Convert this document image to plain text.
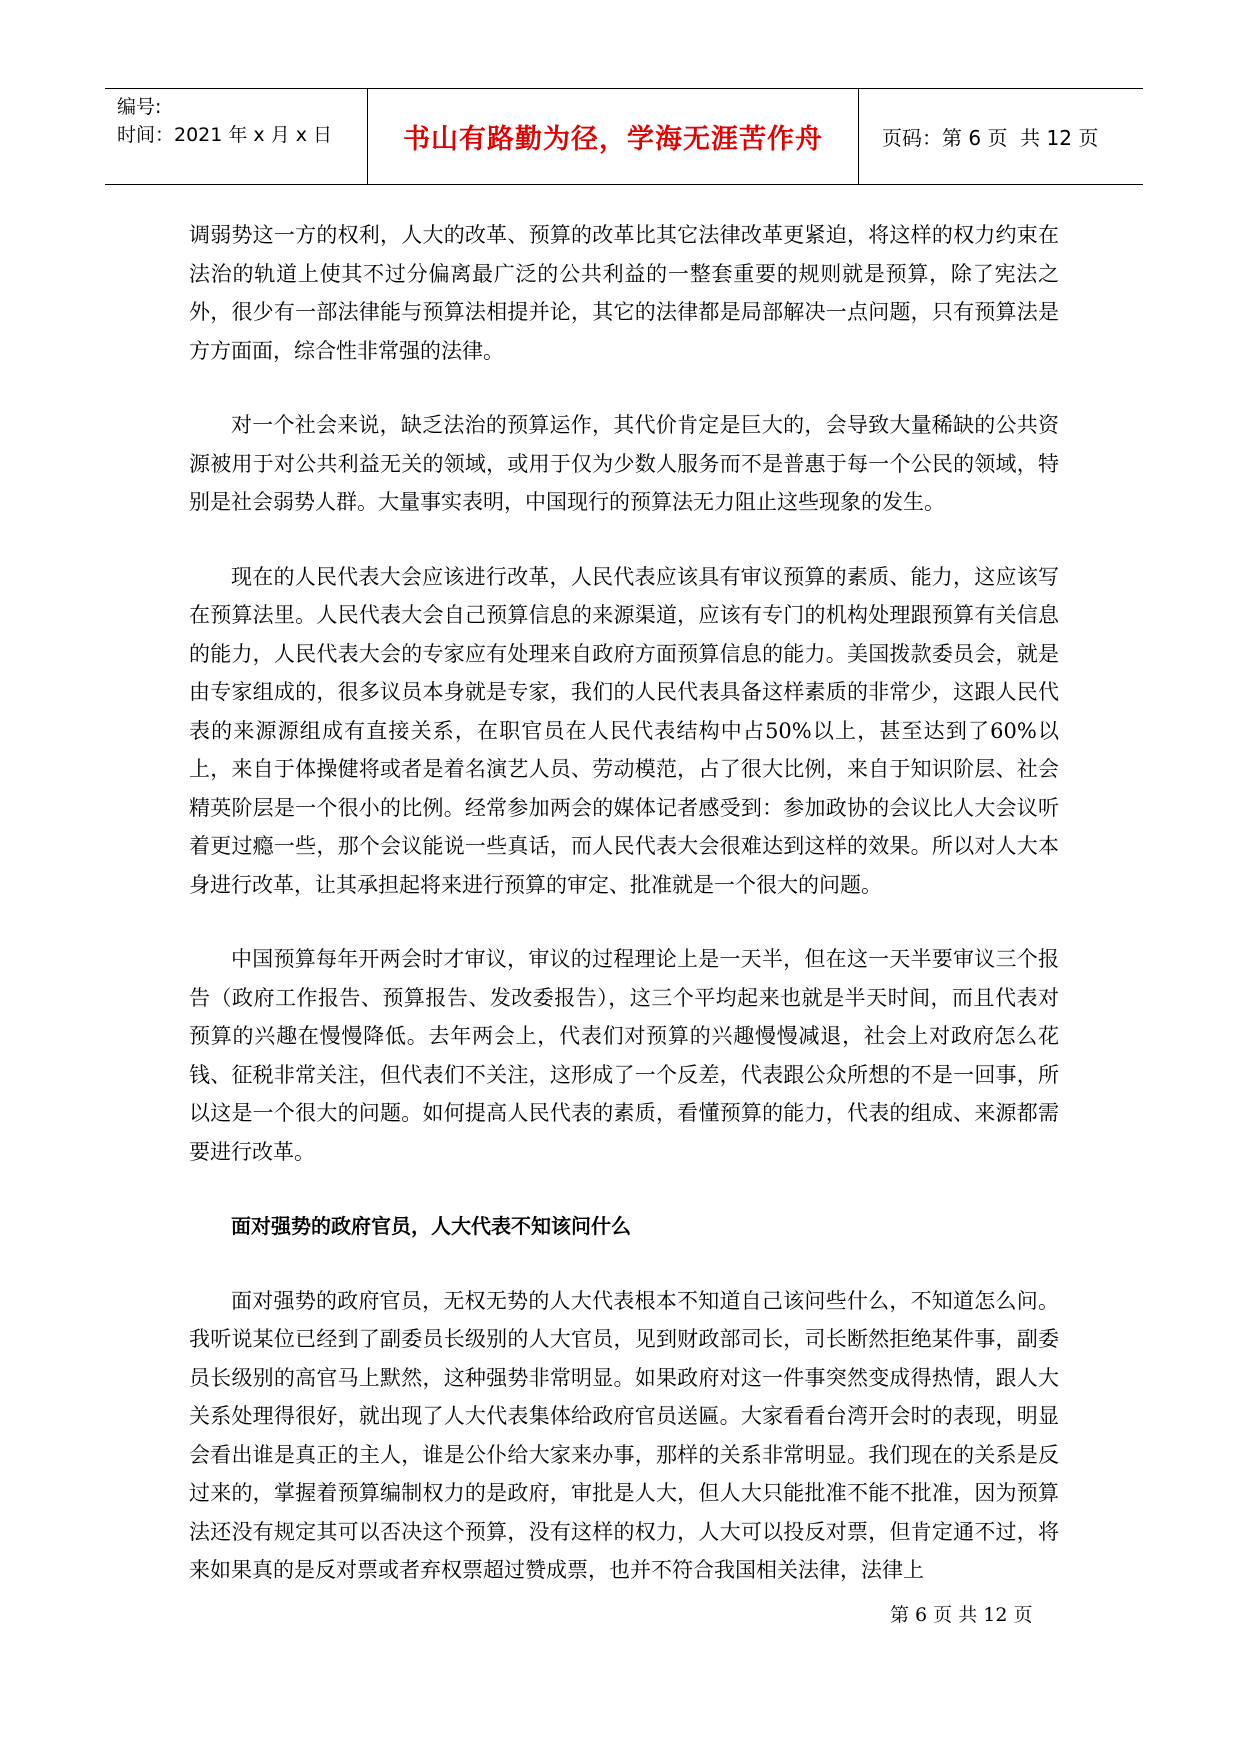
编号:
时间：2021 年 x 月 x 日	书山有路勤为径，学海无涯苦作舟	页码：第 6 页  共 12 页

调弱势这一方的权利，人大的改革、预算的改革比其它法律改革更紧迫，将这样的权力约束在法治的轨道上使其不过分偏离最广泛的公共利益的一整套重要的规则就是预算，除了宪法之外，很少有一部法律能与预算法相提并论，其它的法律都是局部解决一点问题，只有预算法是方方面面，综合性非常强的法律。

对一个社会来说，缺乏法治的预算运作，其代价肯定是巨大的，会导致大量稀缺的公共资源被用于对公共利益无关的领域，或用于仅为少数人服务而不是普惠于每一个公民的领域，特别是社会弱势人群。大量事实表明，中国现行的预算法无力阻止这些现象的发生。

现在的人民代表大会应该进行改革，人民代表应该具有审议预算的素质、能力，这应该写在预算法里。人民代表大会自己预算信息的来源渠道，应该有专门的机构处理跟预算有关信息的能力，人民代表大会的专家应有处理来自政府方面预算信息的能力。美国拨款委员会，就是由专家组成的，很多议员本身就是专家，我们的人民代表具备这样素质的非常少，这跟人民代表的来源源组成有直接关系，在职官员在人民代表结构中占50%以上，甚至达到了60%以上，来自于体操健将或者是着名演艺人员、劳动模范，占了很大比例，来自于知识阶层、社会精英阶层是一个很小的比例。经常参加两会的媒体记者感受到：参加政协的会议比人大会议听着更过瘾一些，那个会议能说一些真话，而人民代表大会很难达到这样的效果。所以对人大本身进行改革，让其承担起将来进行预算的审定、批准就是一个很大的问题。

中国预算每年开两会时才审议，审议的过程理论上是一天半，但在这一天半要审议三个报告（政府工作报告、预算报告、发改委报告），这三个平均起来也就是半天时间，而且代表对预算的兴趣在慢慢降低。去年两会上，代表们对预算的兴趣慢慢减退，社会上对政府怎么花钱、征税非常关注，但代表们不关注，这形成了一个反差，代表跟公众所想的不是一回事，所以这是一个很大的问题。如何提高人民代表的素质，看懂预算的能力，代表的组成、来源都需要进行改革。

面对强势的政府官员，人大代表不知该问什么

面对强势的政府官员，无权无势的人大代表根本不知道自己该问些什么，不知道怎么问。我听说某位已经到了副委员长级别的人大官员，见到财政部司长，司长断然拒绝某件事，副委员长级别的高官马上默然，这种强势非常明显。如果政府对这一件事突然变成得热情，跟人大关系处理得很好，就出现了人大代表集体给政府官员送匾。大家看看台湾开会时的表现，明显会看出谁是真正的主人，谁是公仆给大家来办事，那样的关系非常明显。我们现在的关系是反过来的，掌握着预算编制权力的是政府，审批是人大，但人大只能批准不能不批准，因为预算法还没有规定其可以否决这个预算，没有这样的权力，人大可以投反对票，但肯定通不过，将来如果真的是反对票或者弃权票超过赞成票，也并不符合我国相关法律，法律上

第 6 页 共 12 页
